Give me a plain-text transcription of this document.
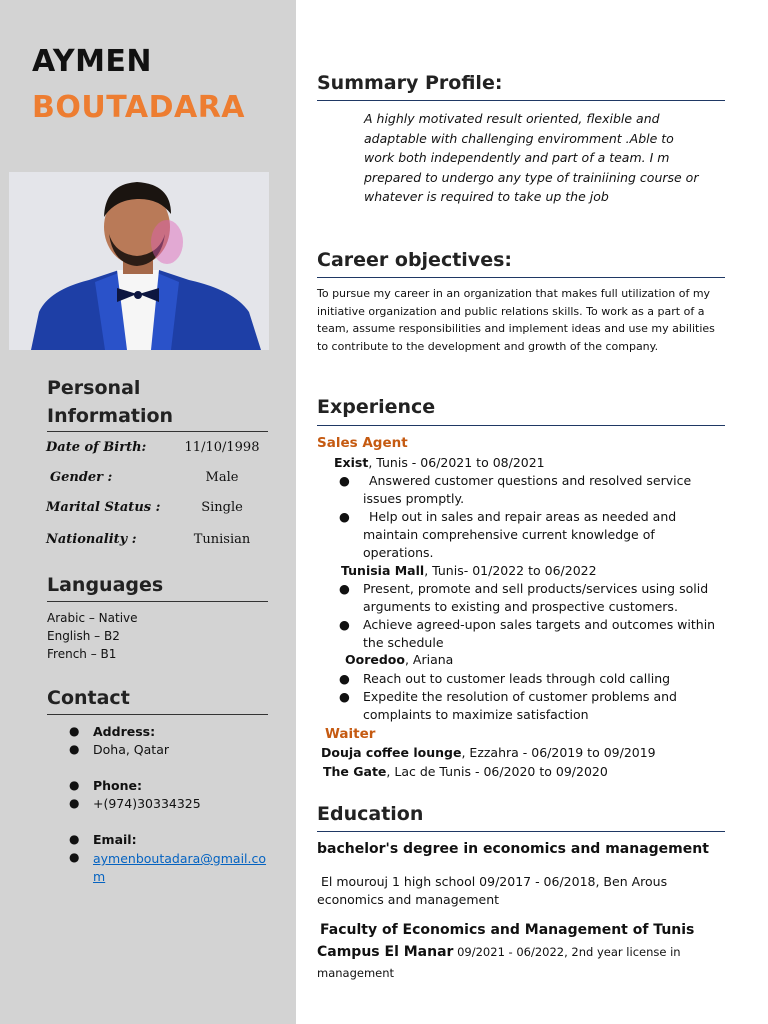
AYMEN
BOUTADARA
Personal
Information
Date of Birth:	11/10/1998
Gender :	Male
Marital Status :	Single
Nationality :	Tunisian
Languages
Arabic – Native
English – B2
French – B1
Contact
● Address:
● Doha, Qatar
● Phone:
● +(974)30334325
● Email:
● aymenboutadara@gmail.com
Summary Profile:
A highly motivated result oriented, flexible and adaptable with challenging enviromment .Able to work both independently and part of a team. I m prepared to undergo any type of trainiining course or whatever is required to take up the job
Career objectives:
To pursue my career in an organization that makes full utilization of my initiative organization and public relations skills. To work as a part of a team, assume responsibilities and implement ideas and use my abilities to contribute to the development and growth of the company.
Experience
Sales Agent
Exist, Tunis - 06/2021 to 08/2021
●	Answered customer questions and resolved service issues promptly.
●	Help out in sales and repair areas as needed and maintain comprehensive current knowledge of operations.
Tunisia Mall, Tunis- 01/2022 to 06/2022
● Present, promote and sell products/services using solid arguments to existing and prospective customers.
● Achieve agreed-upon sales targets and outcomes within the schedule
Ooredoo, Ariana
● Reach out to customer leads through cold calling
● Expedite the resolution of customer problems and complaints to maximize satisfaction
Waiter
Douja coffee lounge, Ezzahra - 06/2019 to 09/2019
The Gate, Lac de Tunis - 06/2020 to 09/2020
Education
bachelor's degree in economics and management
El mourouj 1 high school 09/2017 - 06/2018, Ben Arous
economics and management
Faculty of Economics and Management of Tunis
Campus El Manar 09/2021 - 06/2022, 2nd year license in
management
